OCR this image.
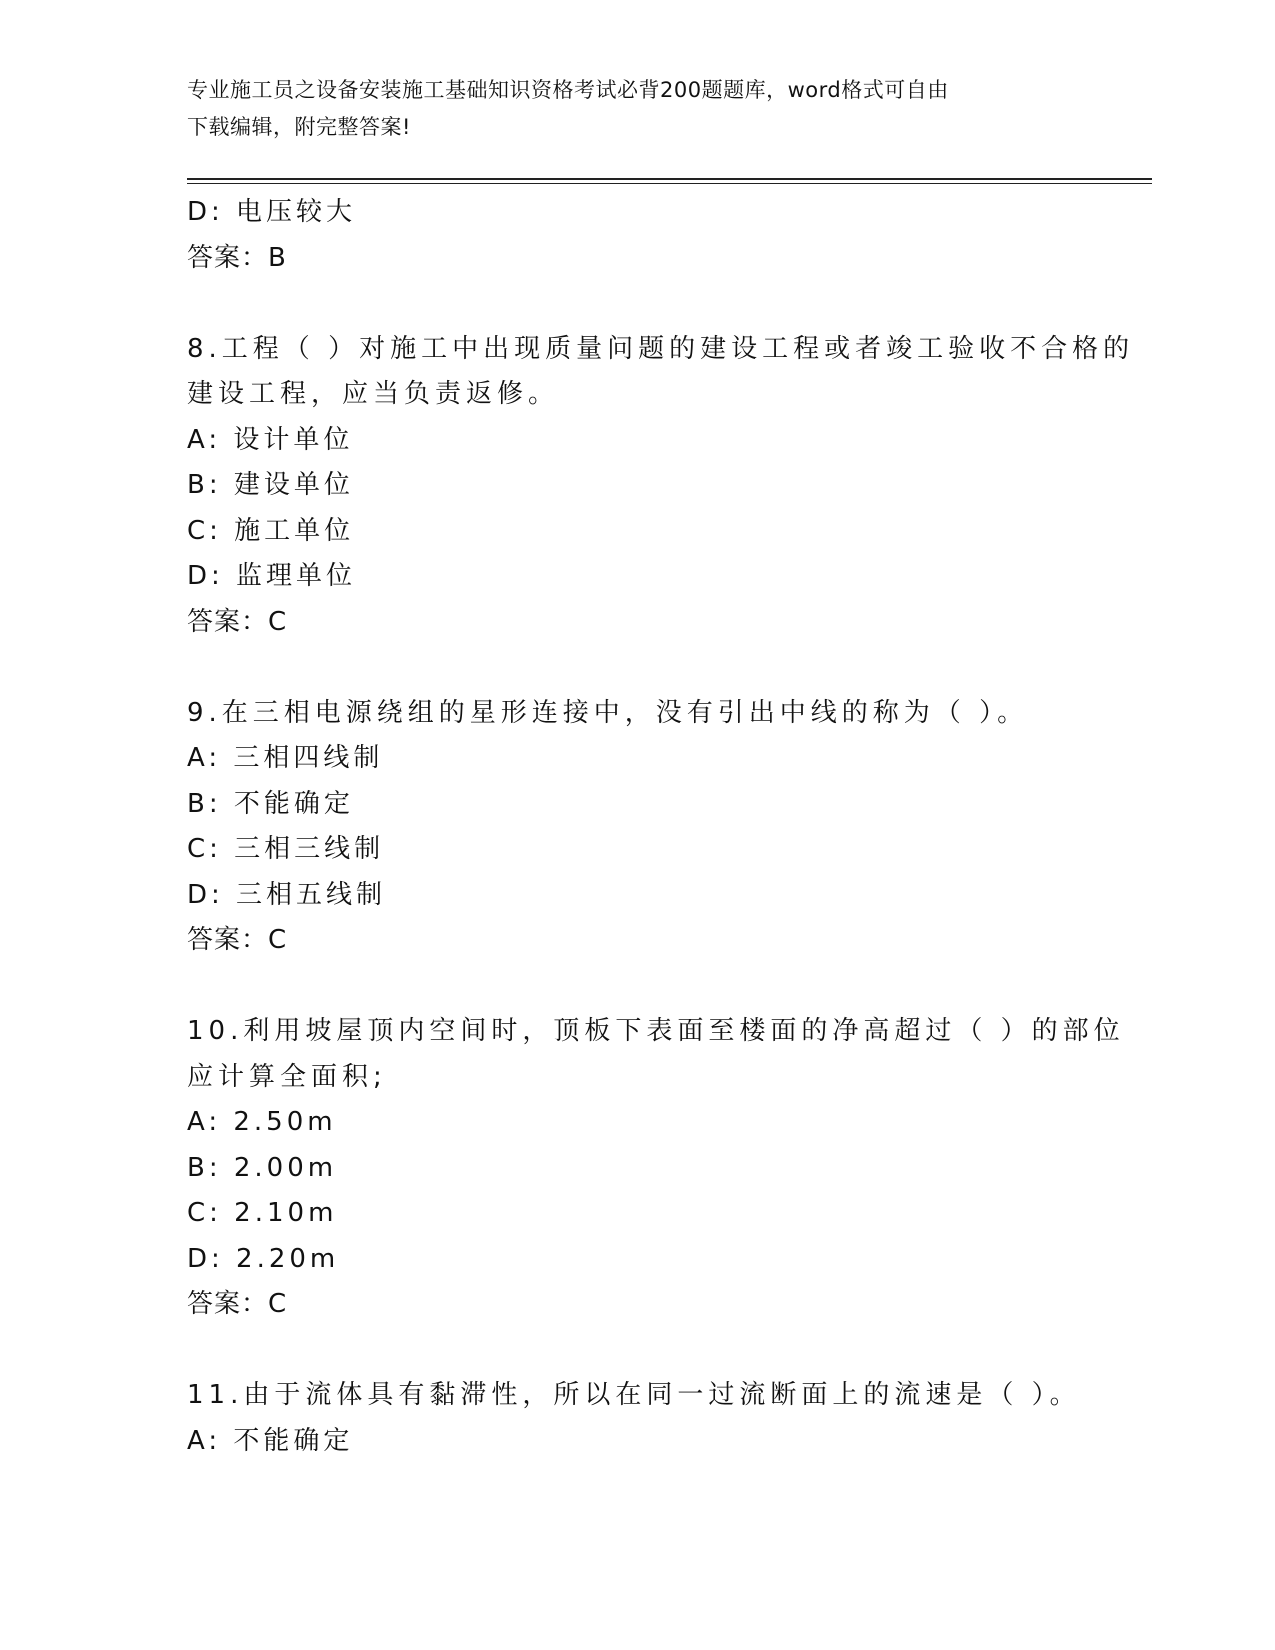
专业施工员之设备安装施工基础知识资格考试必背200题题库，word格式可自由
下载编辑，附完整答案!
D: 电压较大
答案：B
8.工程（ ）对施工中出现质量问题的建设工程或者竣工验收不合格的
建设工程，应当负责返修。
A: 设计单位
B: 建设单位
C: 施工单位
D: 监理单位
答案：C
9.在三相电源绕组的星形连接中，没有引出中线的称为（ ）。
A: 三相四线制
B: 不能确定
C: 三相三线制
D: 三相五线制
答案：C
10.利用坡屋顶内空间时，顶板下表面至楼面的净高超过（ ）的部位
应计算全面积;
A: 2.50m
B: 2.00m
C: 2.10m
D: 2.20m
答案：C
11.由于流体具有黏滞性，所以在同一过流断面上的流速是（ ）。
A: 不能确定
